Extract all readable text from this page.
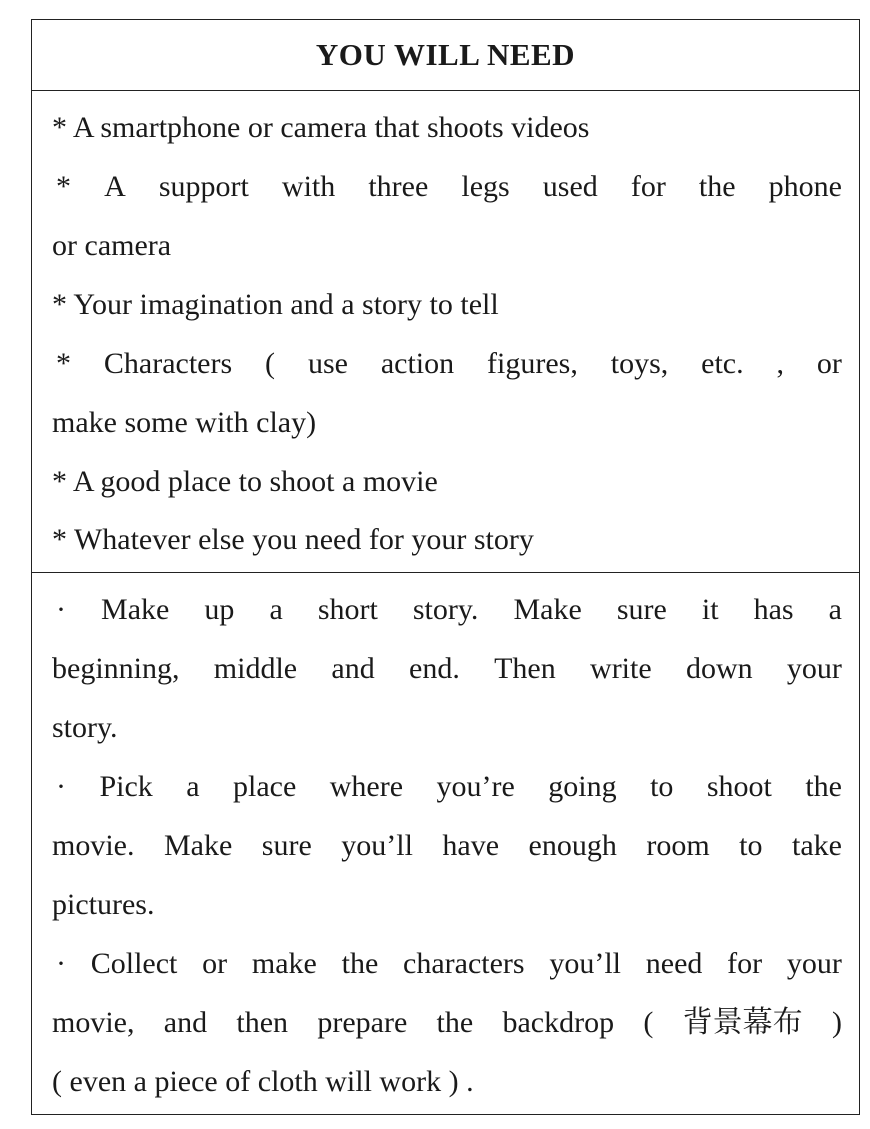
YOU WILL NEED
* A smartphone or camera that shoots videos
* A support with three legs used for the phone
or camera
* Your imagination and a story to tell
* Characters ( use action figures, toys, etc. , or
make some with clay)
* A good place to shoot a movie
* Whatever else you need for your story
· Make up a short story. Make sure it has a
beginning, middle and end. Then write down your
story.
· Pick a place where you’re going to shoot the
movie. Make sure you’ll have enough room to take
pictures.
· Collect or make the characters you’ll need for your
movie, and then prepare the backdrop ( 背景幕布 )
( even a piece of cloth will work ) .
